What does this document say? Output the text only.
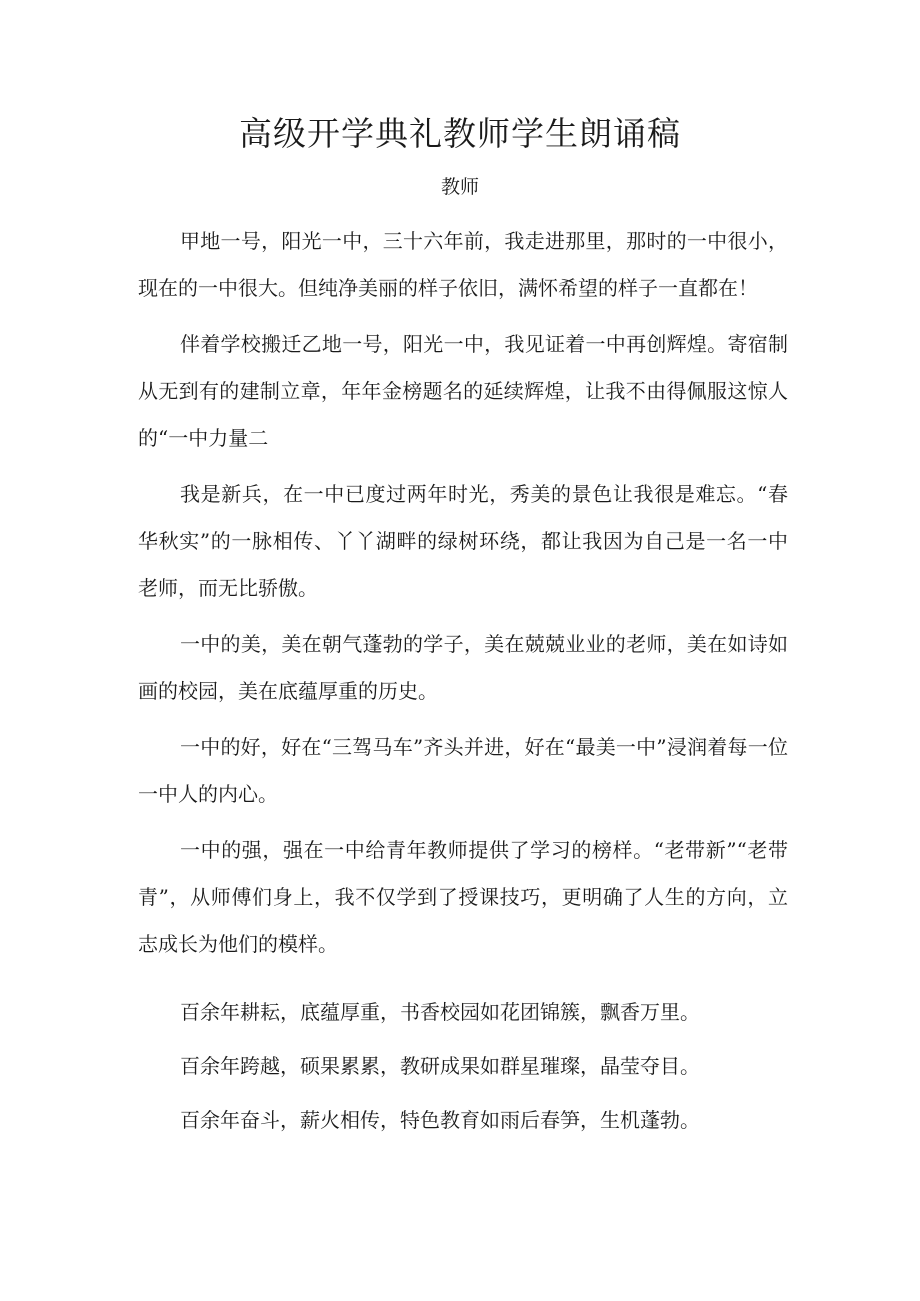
高级开学典礼教师学生朗诵稿
教师

甲地一号，阳光一中，三十六年前，我走进那里，那时的一中很小，现在的一中很大。但纯净美丽的样子依旧，满怀希望的样子一直都在！

伴着学校搬迁乙地一号，阳光一中，我见证着一中再创辉煌。寄宿制从无到有的建制立章，年年金榜题名的延续辉煌，让我不由得佩服这惊人的“一中力量二

我是新兵，在一中已度过两年时光，秀美的景色让我很是难忘。“春华秋实”的一脉相传、丫丫湖畔的绿树环绕，都让我因为自己是一名一中老师，而无比骄傲。

一中的美，美在朝气蓬勃的学子，美在兢兢业业的老师，美在如诗如画的校园，美在底蕴厚重的历史。

一中的好，好在“三驾马车”齐头并进，好在“最美一中”浸润着每一位一中人的内心。

一中的强，强在一中给青年教师提供了学习的榜样。“老带新”“老带青”，从师傅们身上，我不仅学到了授课技巧，更明确了人生的方向，立志成长为他们的模样。

百余年耕耘，底蕴厚重，书香校园如花团锦簇，飘香万里。

百余年跨越，硕果累累，教研成果如群星璀璨，晶莹夺目。

百余年奋斗，薪火相传，特色教育如雨后春笋，生机蓬勃。
